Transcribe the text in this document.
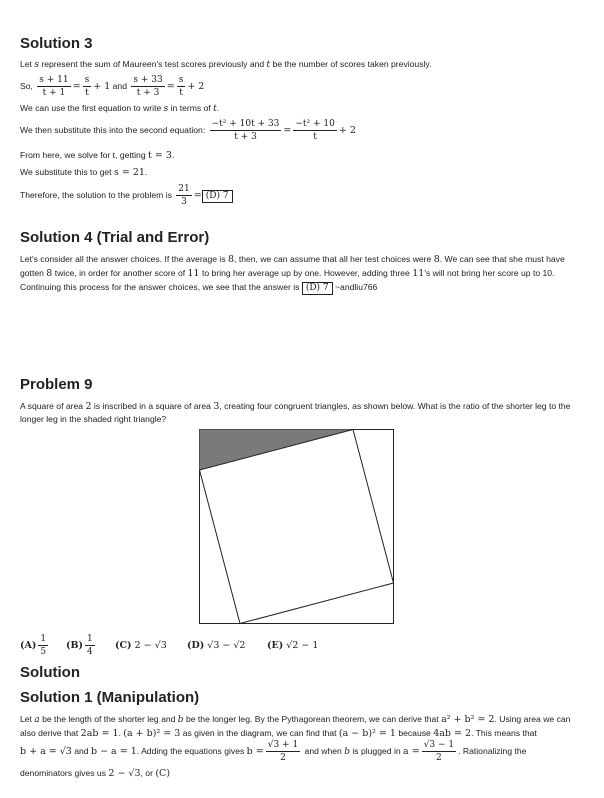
Solution 3
Let s represent the sum of Maureen's test scores previously and t be the number of scores taken previously.
So, $\frac{s + 11}{t + 1} = \frac{s}{t} + 1$ and $\frac{s + 33}{t + 3} = \frac{s}{t} + 2$
We can use the first equation to write s in terms of t.
We then substitute this into the second equation: $\frac{\text{−t² + 10t + 33}}{t + 3} = \frac{\text{−t² + 10}}{t} + 2$
From here, we solve for t, getting t = 3.
We substitute this to get s = 21.
Therefore, the solution to the problem is $\frac{21}{3} = (D)$ 7
Solution 4 (Trial and Error)
Let's consider all the answer choices. If the average is 8, then, we can assume that all her test choices were 8. We can see that she must have
gotten 8 twice, in order for another score of 11 to bring her average up by one. However, adding three 11's will not bring her score up to 10.
Continuing this process for the answer choices, we see that the answer is (D) 7 ~andliu766
Problem 9
A square of area 2 is inscribed in a square of area 3, creating four congruent triangles, as shown below. What is the ratio of the shorter leg to the
longer leg in the shaded right triangle?
$(A) \frac{1}{5} (B) \frac{1}{4} (C) 2 - √3$ (D) √3 − √2 (E) √2 − 1
Solution
Solution 1 (Manipulation)
Let a be the length of the shorter leg and b be the longer leg. By the Pythagorean theorem, we can derive that a² + b² = 2. Using area we can
also derive that 2ab = 1. (a + b)² = 3 as given in the diagram, we can find that (a − b)² = 1 because 4ab = 2. This means that
b + a = √3 and b − a = 1. Adding the equations gives $b = \frac{√3 + 1}{2}$ and when b is plugged in $a = \frac{√3 - 1}{2}$ . Rationalizing the
denominators gives us 2 − √3, or (C)
